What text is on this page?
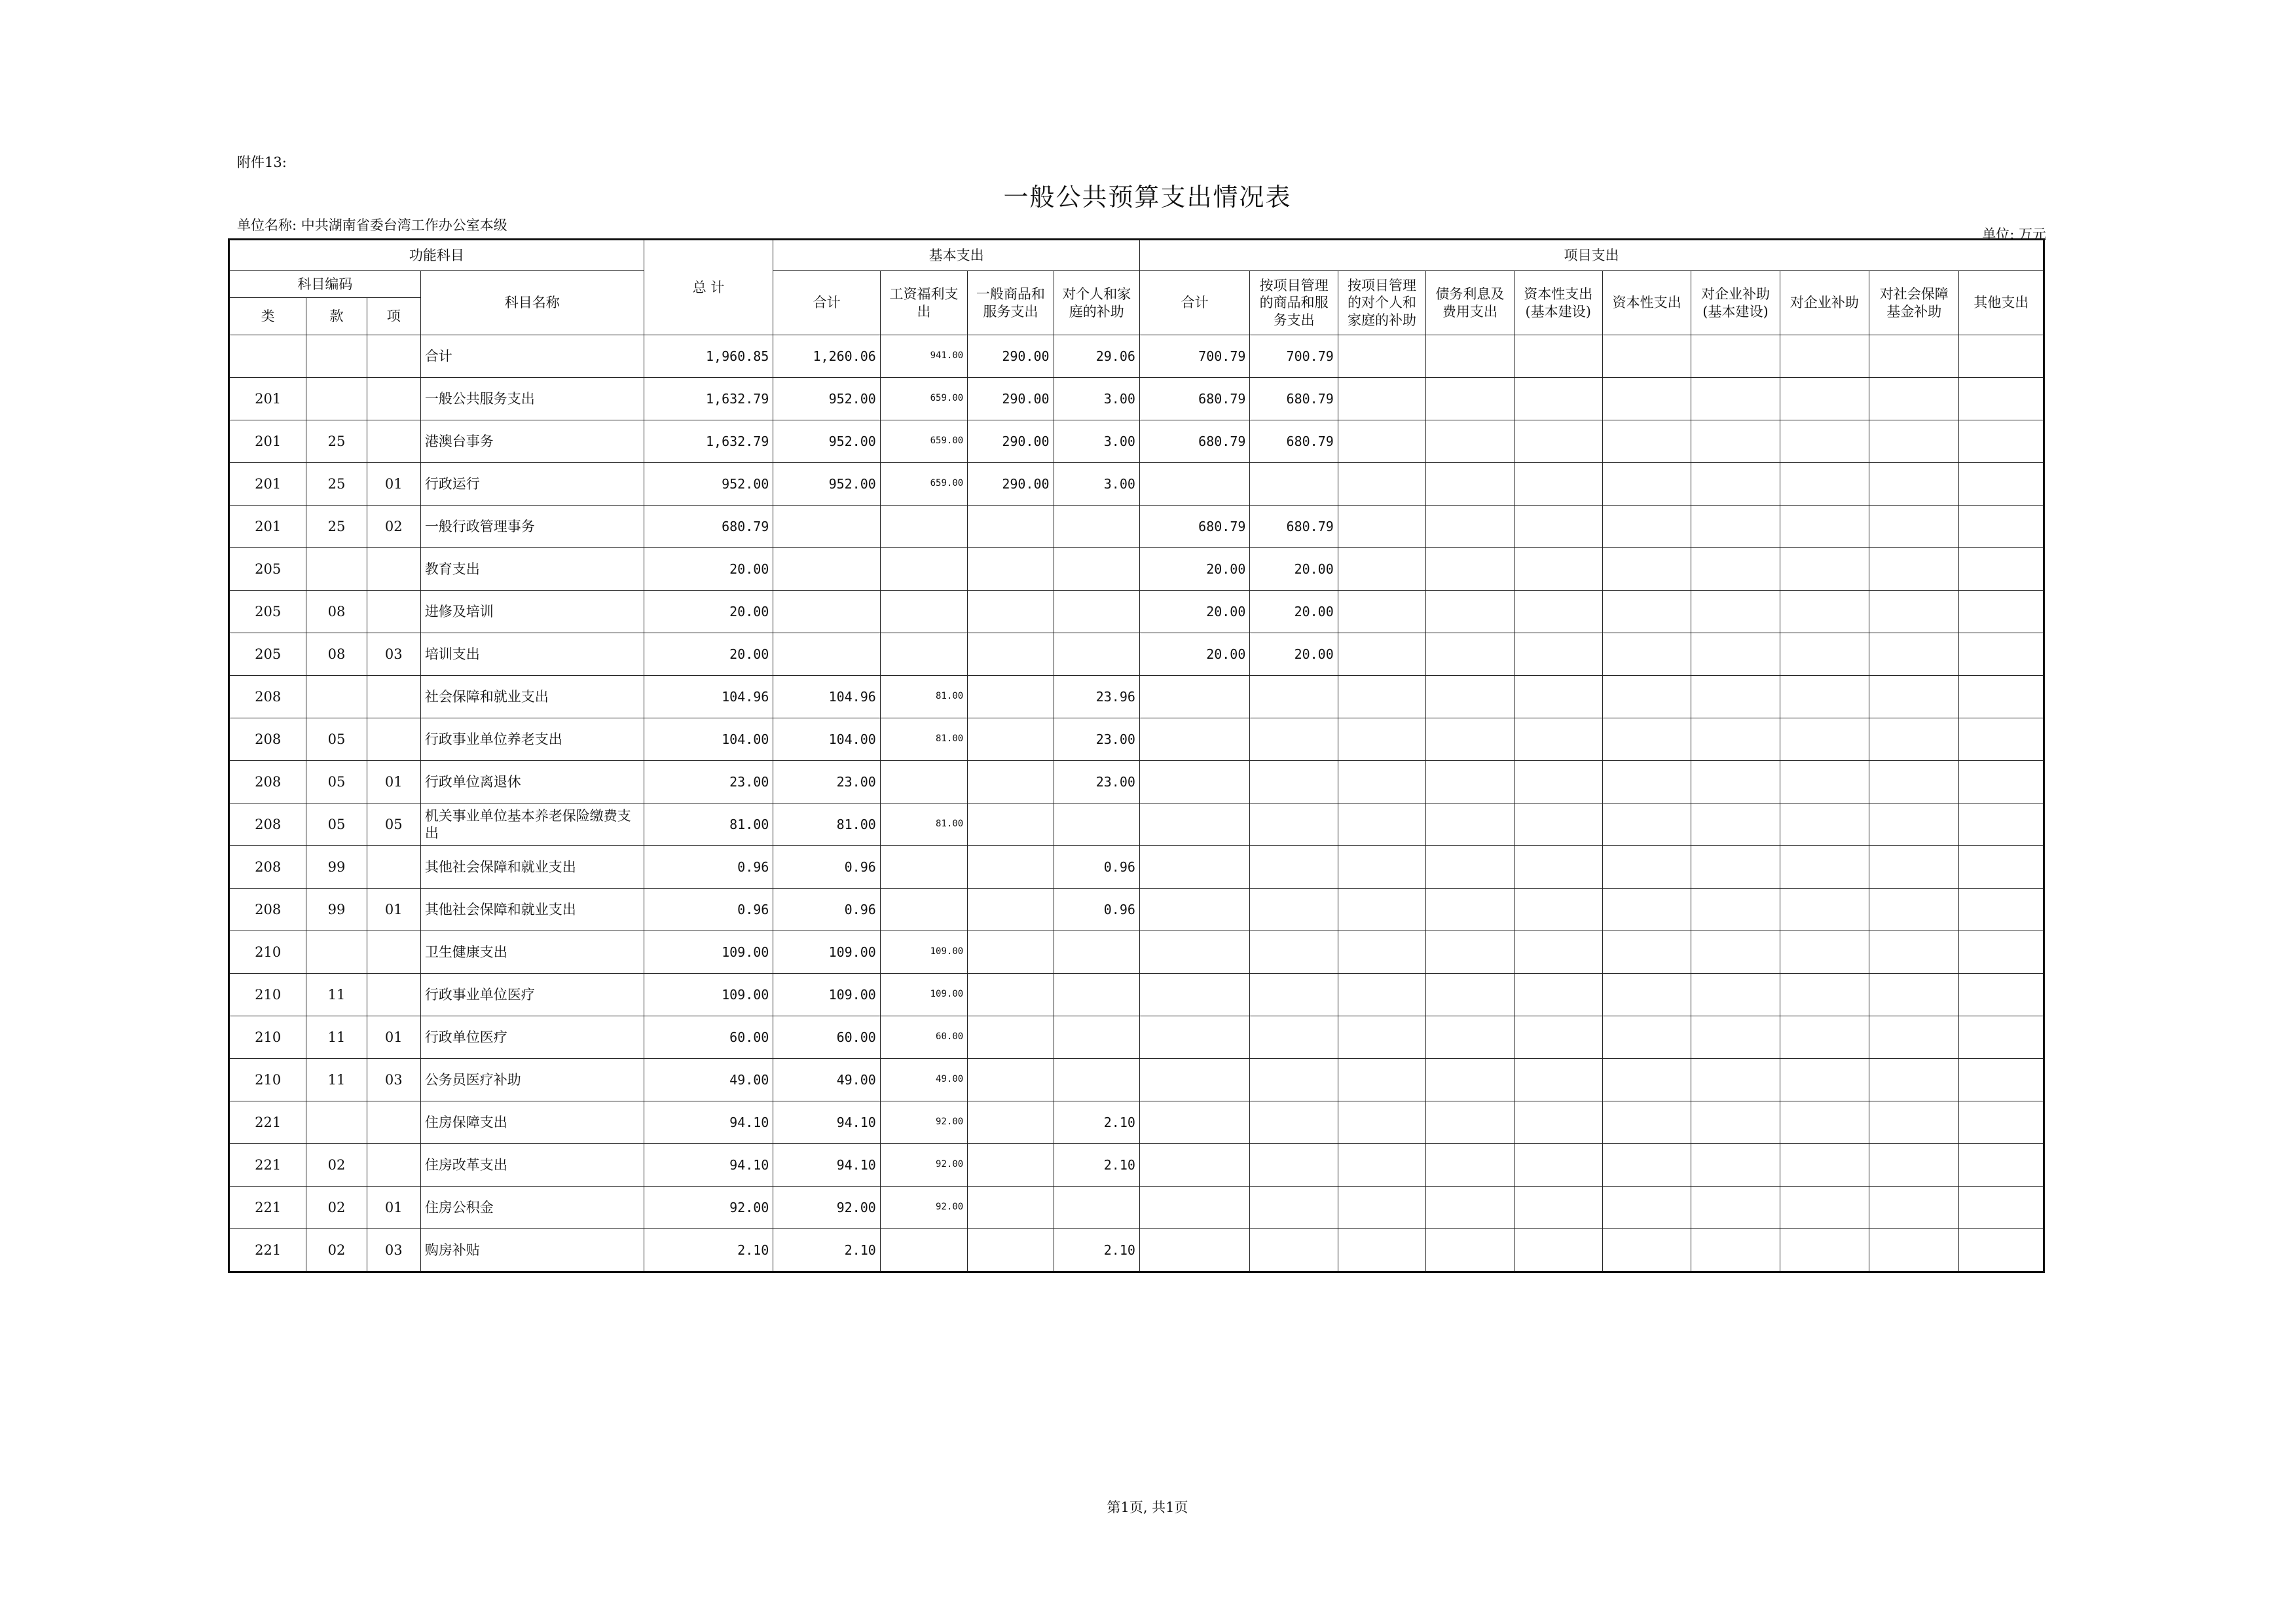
附件13:
一般公共预算支出情况表
单位名称: 中共湖南省委台湾工作办公室本级
单位: 万元
功能科目				总 计	基本支出				项目支出									
科目编码			科目名称		合计	工资福利支出	一般商品和服务支出	对个人和家庭的补助	合计	按项目管理的商品和服务支出	按项目管理的对个人和家庭的补助	债务利息及费用支出	资本性支出(基本建设)	资本性支出	对企业补助(基本建设)	对企业补助	对社会保障基金补助	其他支出
类	款	项																
			合计	1,960.85	1,260.06	941.00	290.00	29.06	700.79	700.79								
201			一般公共服务支出	1,632.79	952.00	659.00	290.00	3.00	680.79	680.79								
201	25		港澳台事务	1,632.79	952.00	659.00	290.00	3.00	680.79	680.79								
201	25	01	行政运行	952.00	952.00	659.00	290.00	3.00										
201	25	02	一般行政管理事务	680.79					680.79	680.79								
205			教育支出	20.00					20.00	20.00								
205	08		进修及培训	20.00					20.00	20.00								
205	08	03	培训支出	20.00					20.00	20.00								
208			社会保障和就业支出	104.96	104.96	81.00		23.96										
208	05		行政事业单位养老支出	104.00	104.00	81.00		23.00										
208	05	01	行政单位离退休	23.00	23.00			23.00										
208	05	05	机关事业单位基本养老保险缴费支出	81.00	81.00	81.00												
208	99		其他社会保障和就业支出	0.96	0.96			0.96										
208	99	01	其他社会保障和就业支出	0.96	0.96			0.96										
210			卫生健康支出	109.00	109.00	109.00												
210	11		行政事业单位医疗	109.00	109.00	109.00												
210	11	01	行政单位医疗	60.00	60.00	60.00												
210	11	03	公务员医疗补助	49.00	49.00	49.00												
221			住房保障支出	94.10	94.10	92.00		2.10										
221	02		住房改革支出	94.10	94.10	92.00		2.10										
221	02	01	住房公积金	92.00	92.00	92.00												
221	02	03	购房补贴	2.10	2.10			2.10										
第1页, 共1页
